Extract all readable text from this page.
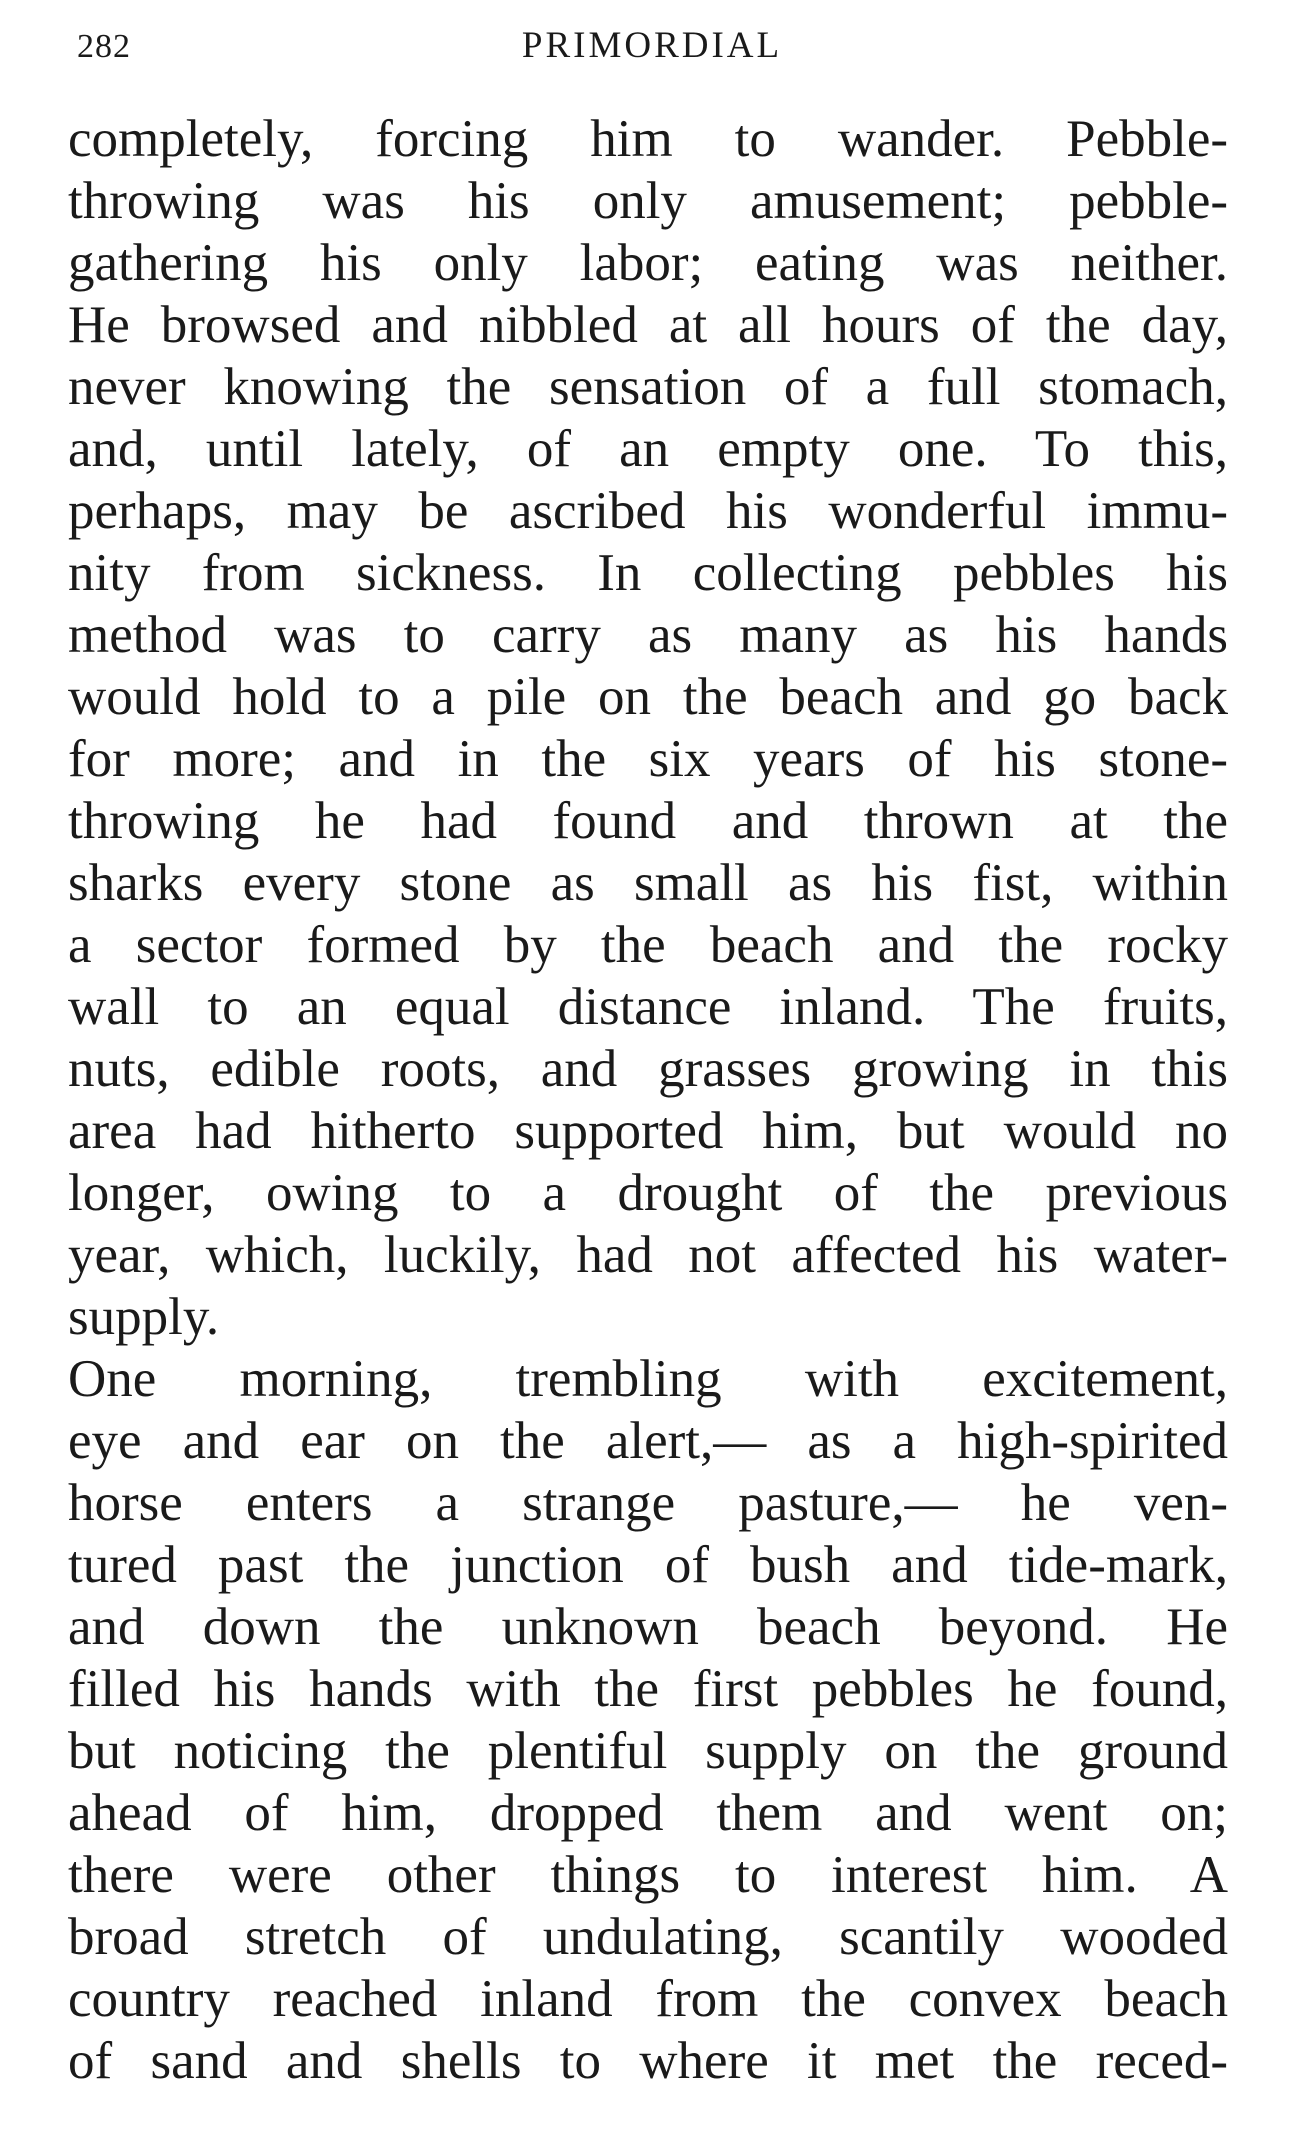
282	PRIMORDIAL
completely, forcing him to wander. Pebble-
throwing was his only amusement; pebble-
gathering his only labor; eating was neither.
He browsed and nibbled at all hours of the day,
never knowing the sensation of a full stomach,
and, until lately, of an empty one. To this,
perhaps, may be ascribed his wonderful immu-
nity from sickness. In collecting pebbles his
method was to carry as many as his hands
would hold to a pile on the beach and go back
for more; and in the six years of his stone-
throwing he had found and thrown at the
sharks every stone as small as his fist, within
a sector formed by the beach and the rocky
wall to an equal distance inland. The fruits,
nuts, edible roots, and grasses growing in this
area had hitherto supported him, but would no
longer, owing to a drought of the previous
year, which, luckily, had not affected his water-
supply.
One morning, trembling with excitement,
eye and ear on the alert,— as a high-spirited
horse enters a strange pasture,— he ven-
tured past the junction of bush and tide-mark,
and down the unknown beach beyond. He
filled his hands with the first pebbles he found,
but noticing the plentiful supply on the ground
ahead of him, dropped them and went on;
there were other things to interest him. A
broad stretch of undulating, scantily wooded
country reached inland from the convex beach
of sand and shells to where it met the reced-
